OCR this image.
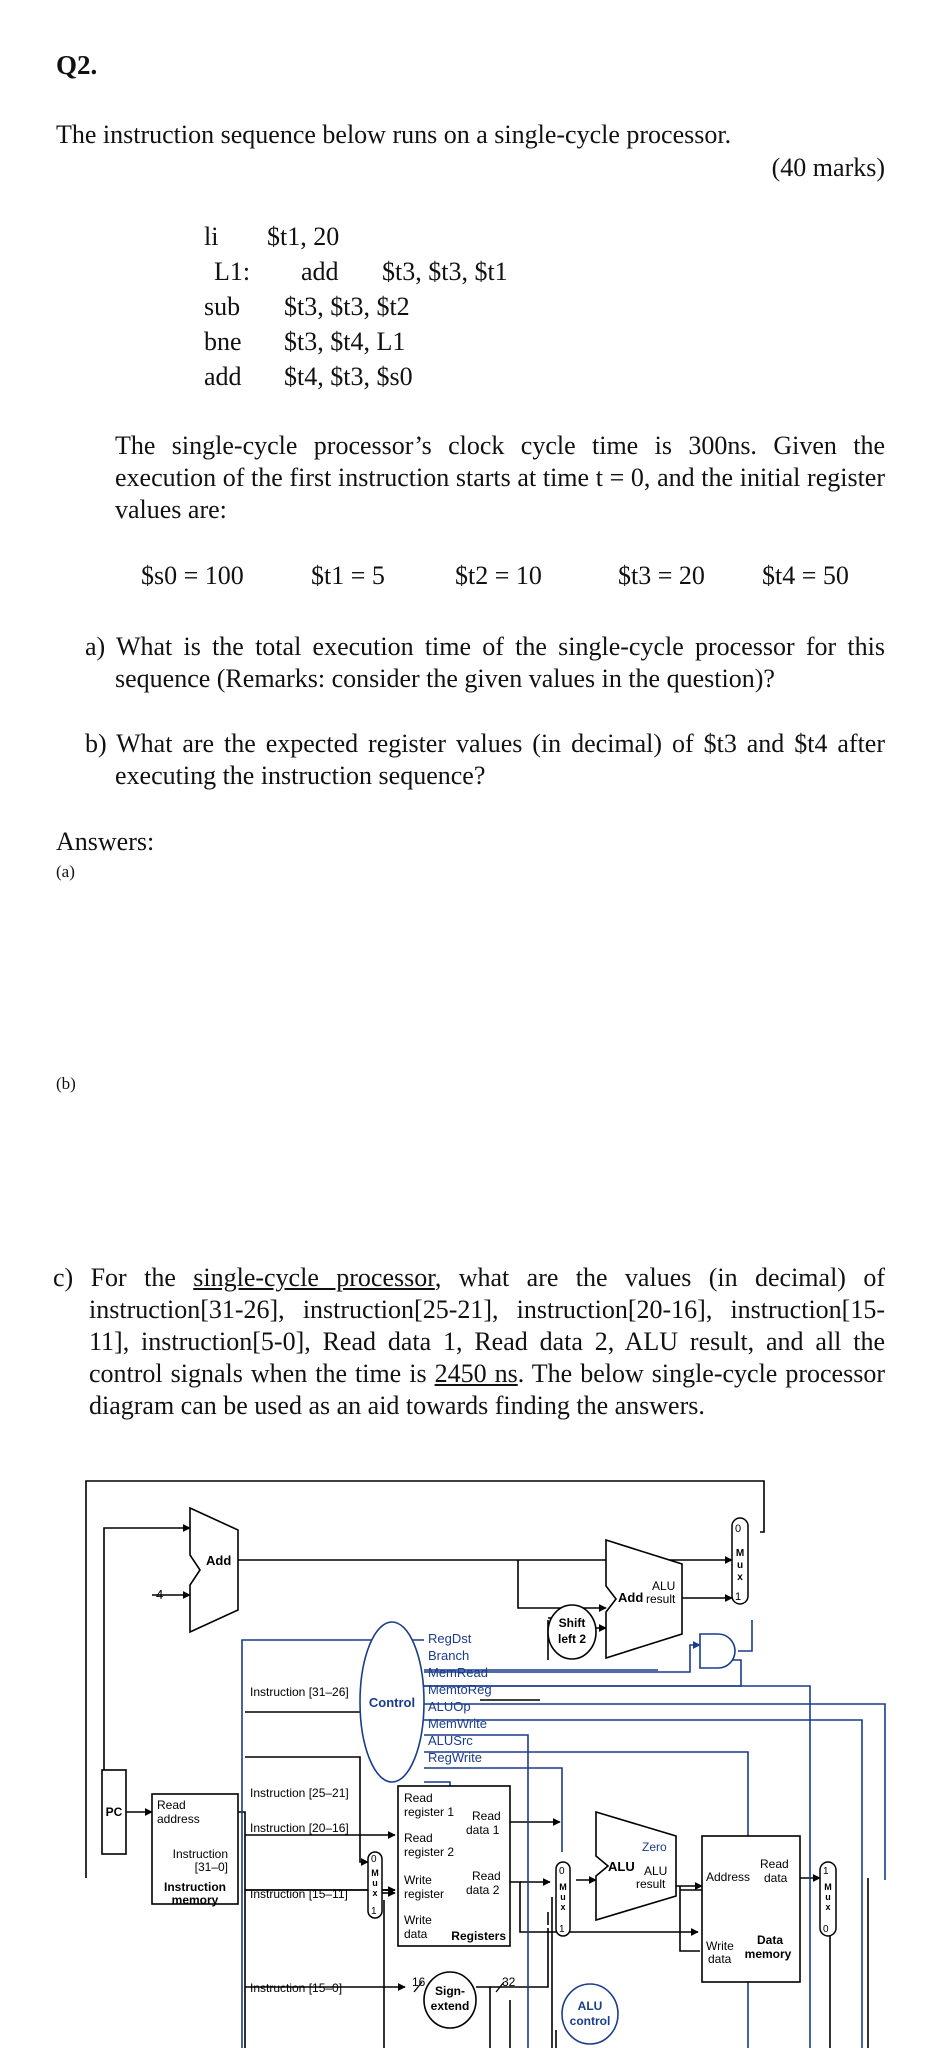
Q2.
The instruction sequence below runs on a single-cycle processor.
(40 marks)
li $t1, 20
L1: add $t3, $t3, $t1
sub $t3, $t3, $t2
bne $t3, $t4, L1
add $t4, $t3, $s0
The single-cycle processor’s clock cycle time is 300ns. Given the execution of the first instruction starts at time t = 0, and the initial register values are:
$s0 = 100	$t1 = 5	$t2 = 10	$t3 = 20 $t4 = 50
a) What is the total execution time of the single-cycle processor for this sequence (Remarks: consider the given values in the question)?
b) What are the expected register values (in decimal) of $t3 and $t4 after executing the instruction sequence?
Answers:
(a)
(b)
c) For the single-cycle processor, what are the values (in decimal) of instruction[31-26], instruction[25-21], instruction[20-16], instruction[15-11], instruction[5-0], Read data 1, Read data 2, ALU result, and all the control signals when the time is 2450 ns. The below single-cycle processor diagram can be used as an aid towards finding the answers.
Add
4
0
1
M u x
Add
ALU
result
Shift
left 2
Control
RegDst
Branch
MemRead
MemtoReg
ALUOp
MemWrite
ALUSrc
RegWrite
Instruction [31–26]
Instruction [25–21]
Instruction [20–16]
Instruction [15–11]
Instruction [15–0]
PC	Read
address
Instruction
[31–0]
Instruction
memory
0
1
M u x
Read
register 1
Read
register 2
Write
register
Write
data
Read
data 1
Read
data 2
Registers
0
1
M u x
ALU
Zero
ALU
result	Address
Read
data
Write
data
Data
memory
1
0
M u x
16
Sign-
extend
32
ALU
control
